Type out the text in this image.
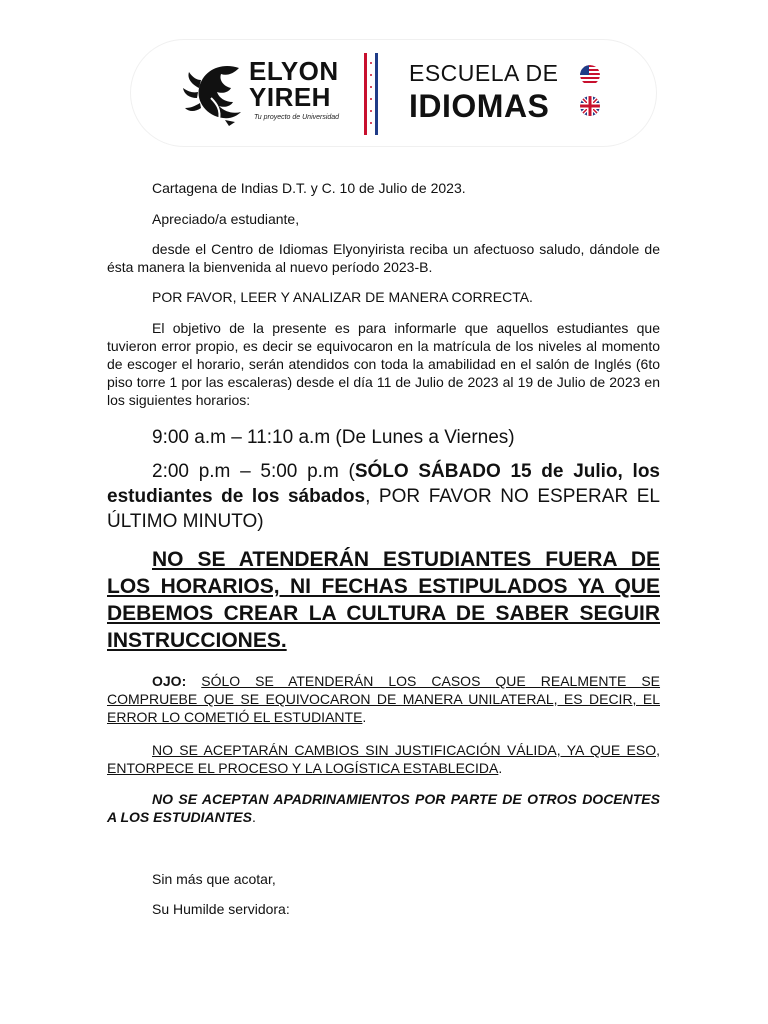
ELYON
YIREH
Tu proyecto de Universidad
ESCUELA DE
IDIOMAS
Cartagena de Indias D.T. y C. 10 de Julio de 2023.
Apreciado/a estudiante,
desde el Centro de Idiomas Elyonyirista reciba un afectuoso saludo, dándole de ésta manera la bienvenida al nuevo período 2023-B.
POR FAVOR, LEER Y ANALIZAR DE MANERA CORRECTA.
El objetivo de la presente es para informarle que aquellos estudiantes que tuvieron error propio, es decir se equivocaron en la matrícula de los niveles al momento de escoger el horario, serán atendidos con toda la amabilidad en el salón de Inglés (6to piso torre 1 por las escaleras) desde el día 11 de Julio de 2023 al 19 de Julio de 2023 en los siguientes horarios:
9:00 a.m – 11:10 a.m (De Lunes a Viernes)
2:00 p.m – 5:00 p.m (SÓLO SÁBADO 15 de Julio, los estudiantes de los sábados, POR FAVOR NO ESPERAR EL ÚLTIMO MINUTO)
NO SE ATENDERÁN ESTUDIANTES FUERA DE LOS HORARIOS, NI FECHAS ESTIPULADOS YA QUE DEBEMOS CREAR LA CULTURA DE SABER SEGUIR INSTRUCCIONES.
OJO: SÓLO SE ATENDERÁN LOS CASOS QUE REALMENTE SE COMPRUEBE QUE SE EQUIVOCARON DE MANERA UNILATERAL, ES DECIR, EL ERROR LO COMETIÓ EL ESTUDIANTE.
NO SE ACEPTARÁN CAMBIOS SIN JUSTIFICACIÓN VÁLIDA, YA QUE ESO, ENTORPECE EL PROCESO Y LA LOGÍSTICA ESTABLECIDA.
NO SE ACEPTAN APADRINAMIENTOS POR PARTE DE OTROS DOCENTES A LOS ESTUDIANTES.
Sin más que acotar,
Su Humilde servidora:
